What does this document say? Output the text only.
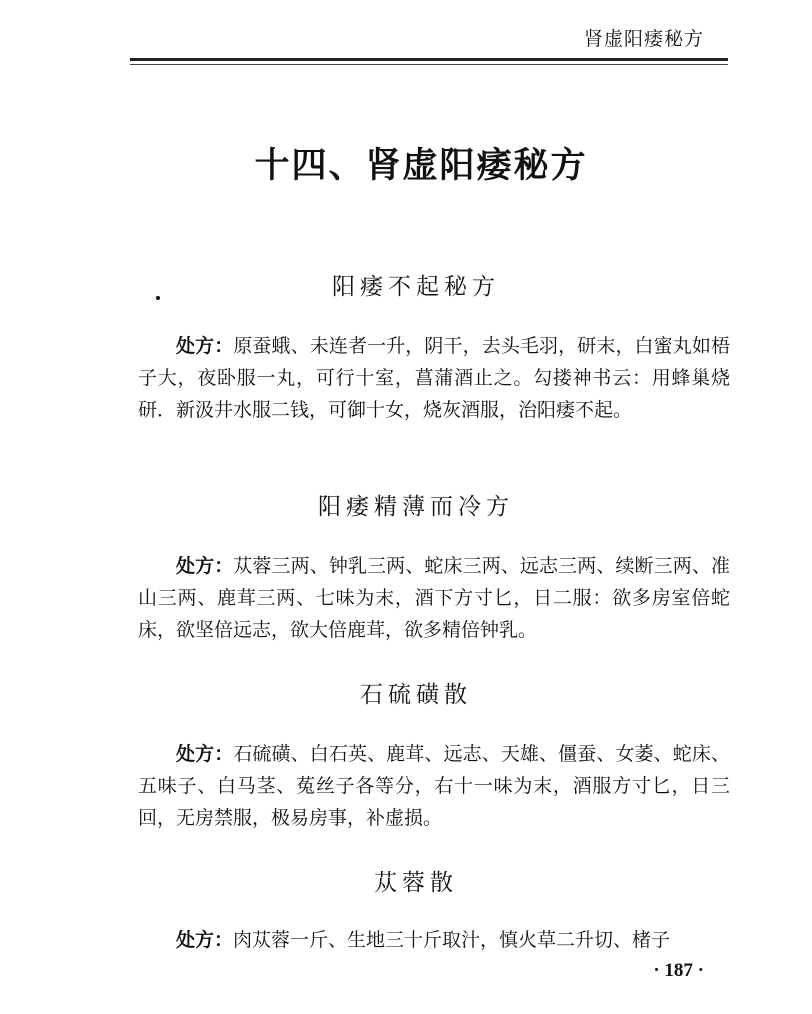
肾虚阳痿秘方
十四、肾虚阳痿秘方
阳痿不起秘方

处方：原蚕蛾、未连者一升，阴干，去头毛羽，研末，白蜜丸如梧子大，夜卧服一丸，可行十室，菖蒲酒止之。勾搂神书云：用蜂巢烧研．新汲井水服二钱，可御十女，烧灰酒服，治阳痿不起。

阳痿精薄而冷方

处方：苁蓉三两、钟乳三两、蛇床三两、远志三两、续断三两、准山三两、鹿茸三两、七味为末，酒下方寸匕，日二服：欲多房室倍蛇床，欲坚倍远志，欲大倍鹿茸，欲多精倍钟乳。

石硫磺散

处方：石硫磺、白石英、鹿茸、远志、天雄、僵蚕、女萎、蛇床、五味子、白马茎、菟丝子各等分，右十一味为末，酒服方寸匕，日三回，无房禁服，极易房事，补虚损。

苁蓉散

处方：肉苁蓉一斤、生地三十斤取汁，慎火草二升切、楮子

· 187 ·
